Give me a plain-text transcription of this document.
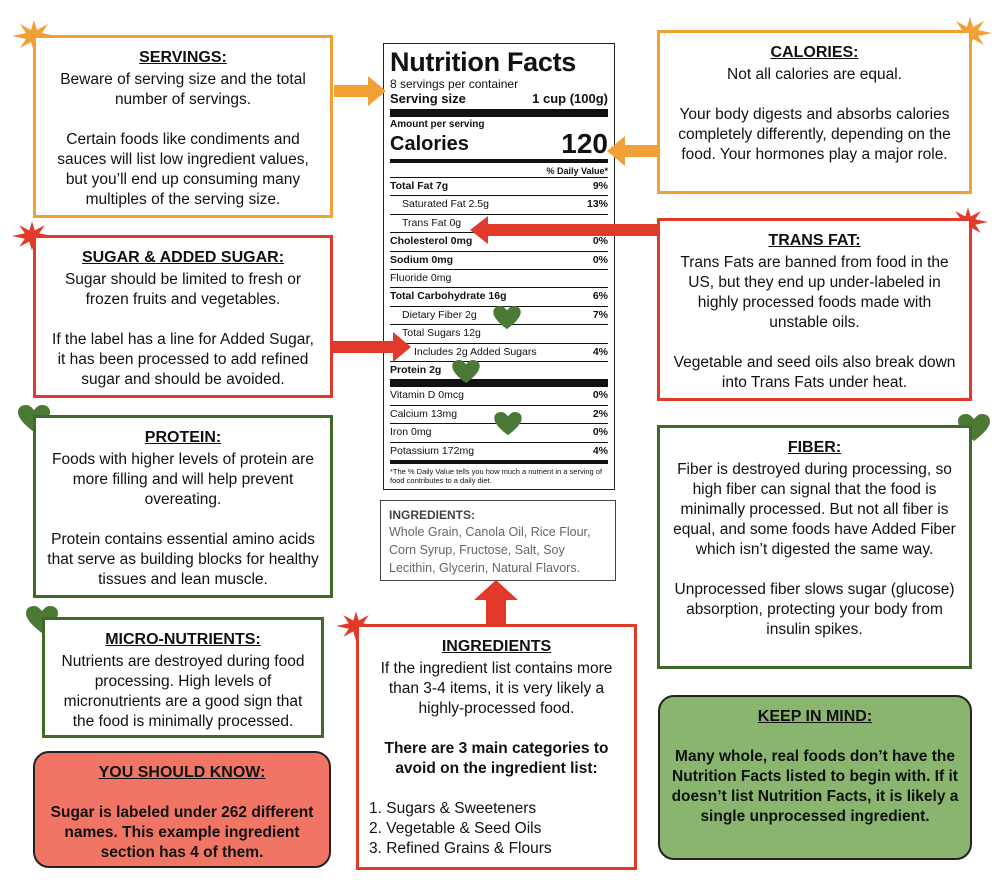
SERVINGS:

Beware of serving size and the total number of servings.

Certain foods like condiments and sauces will list low ingredient values, but you’ll end up consuming many multiples of the serving size.

CALORIES:

Not all calories are equal.

Your body digests and absorbs calories completely differently, depending on the food. Your hormones play a major role.

SUGAR & ADDED SUGAR:

Sugar should be limited to fresh or frozen fruits and vegetables.

If the label has a line for Added Sugar, it has been processed to add refined sugar and should be avoided.

TRANS FAT:

Trans Fats are banned from food in the US, but they end up under-labeled in highly processed foods made with unstable oils.

Vegetable and seed oils also break down into Trans Fats under heat.

PROTEIN:

Foods with higher levels of protein are more filling and will help prevent overeating.

Protein contains essential amino acids that serve as building blocks for healthy tissues and lean muscle.

FIBER:

Fiber is destroyed during processing, so high fiber can signal that the food is minimally processed. But not all fiber is equal, and some foods have Added Fiber which isn’t digested the same way.

Unprocessed fiber slows sugar (glucose) absorption, protecting your body from insulin spikes.

MICRO-NUTRIENTS:

Nutrients are destroyed during food processing. High levels of micronutrients are a good sign that the food is minimally processed.

YOU SHOULD KNOW:

Sugar is labeled under 262 different names. This example ingredient section has 4 of them.

INGREDIENTS

If the ingredient list contains more than 3-4 items, it is very likely a highly-processed food.

There are 3 main categories to avoid on the ingredient list:

1. Sugars & Sweeteners
2. Vegetable & Seed Oils
3. Refined Grains & Flours
KEEP IN MIND:

Many whole, real foods don’t have the Nutrition Facts listed to begin with. If it doesn’t list Nutrition Facts, it is likely a single unprocessed ingredient.

Nutrition Facts
8 servings per container
Serving size	1 cup (100g)
Amount per serving
Calories	120
% Daily Value*
Total Fat 7g	9%
Saturated Fat 2.5g	13%
Trans Fat 0g
Cholesterol 0mg	0%
Sodium 0mg	0%
Fluoride 0mg
Total Carbohydrate 16g	6%
Dietary Fiber 2g	7%
Total Sugars 12g
Includes 2g Added Sugars	4%
Protein 2g
Vitamin D 0mcg	0%
Calcium 13mg	2%
Iron 0mg	0%
Potassium 172mg	4%
*The % Daily Value tells you how much a nutrient in a serving of food contributes to a daily diet.
INGREDIENTS:
Whole Grain, Canola Oil, Rice Flour, Corn Syrup, Fructose, Salt, Soy Lecithin, Glycerin, Natural Flavors.
